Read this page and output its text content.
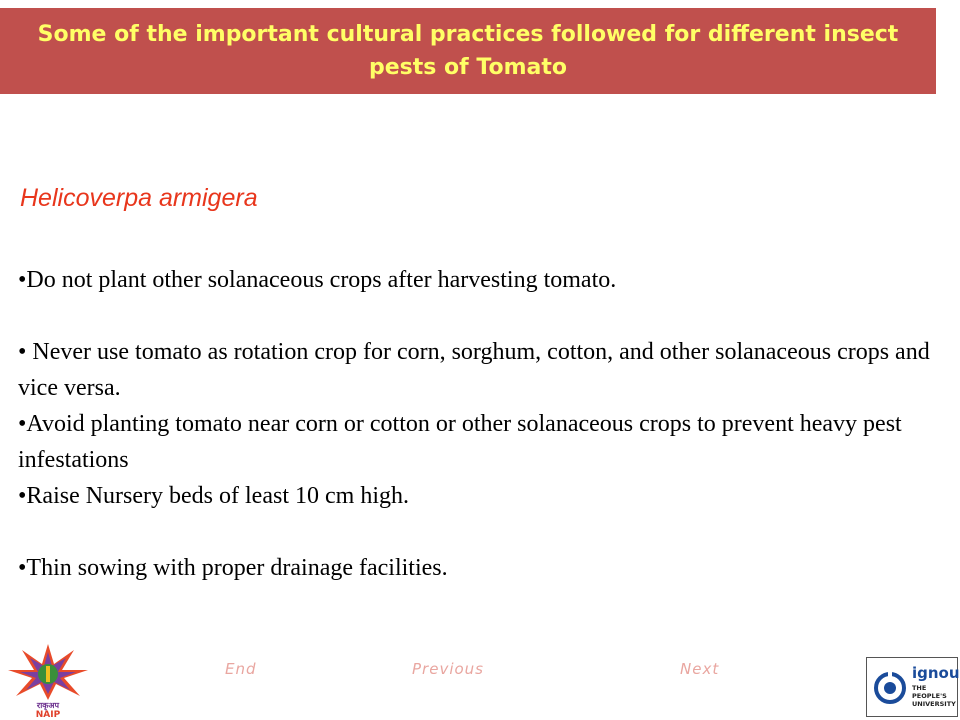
Some of the important cultural practices followed for different insect pests of Tomato
Helicoverpa armigera

•Do not plant other solanaceous crops after harvesting tomato.

• Never use tomato as rotation crop for corn, sorghum, cotton, and other solanaceous crops and vice versa.

•Avoid planting tomato near corn or cotton or other solanaceous crops to prevent heavy pest infestations

•Raise Nursery beds of least 10 cm high.

•Thin sowing with proper drainage facilities.

End	Previous	Next
राकृअप
NAIP
ignou
THE PEOPLE'S UNIVERSITY
